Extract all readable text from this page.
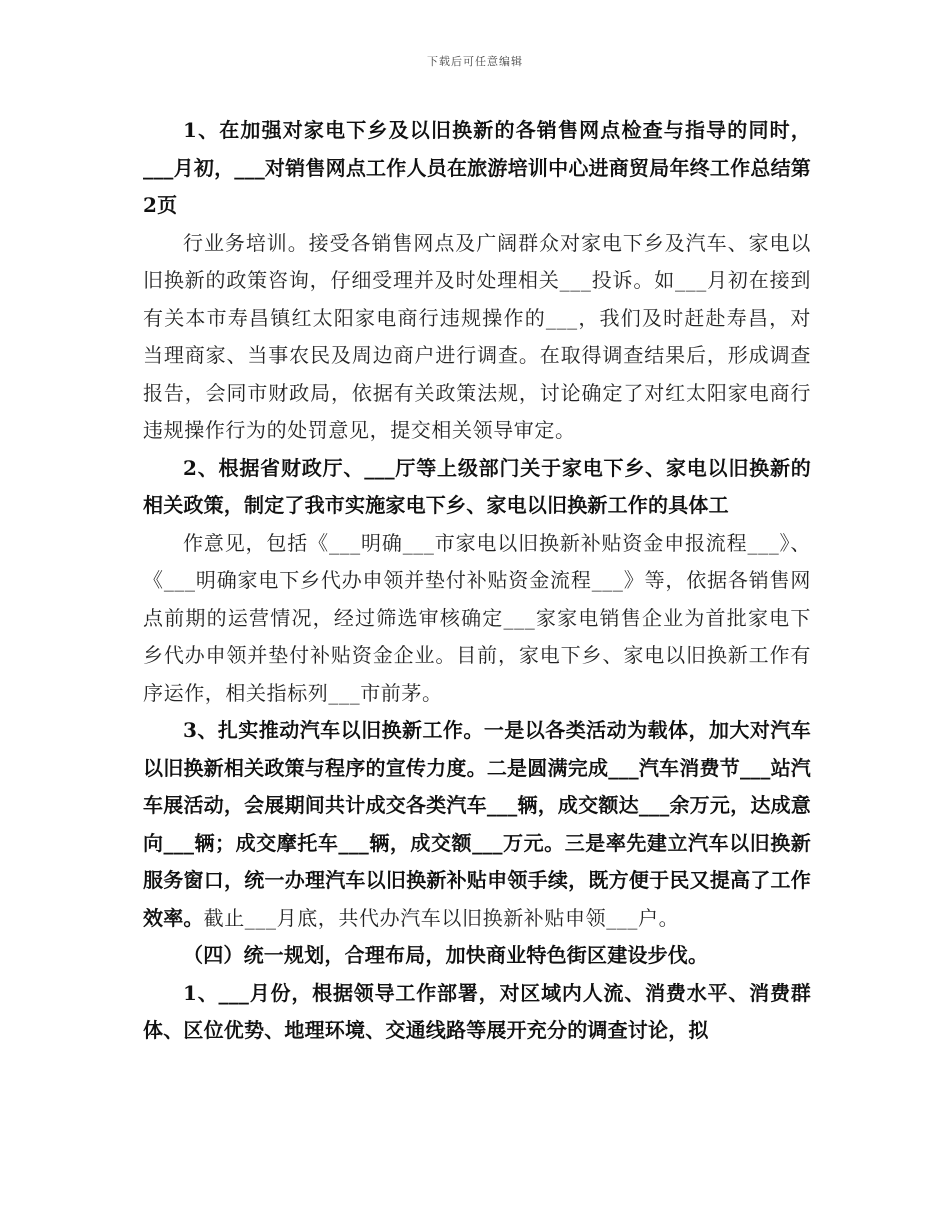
下载后可任意编辑

1、在加强对家电下乡及以旧换新的各销售网点检查与指导的同时，___月初，___对销售网点工作人员在旅游培训中心进商贸局年终工作总结第2页

行业务培训。接受各销售网点及广阔群众对家电下乡及汽车、家电以旧换新的政策咨询，仔细受理并及时处理相关___投诉。如___月初在接到有关本市寿昌镇红太阳家电商行违规操作的___，我们及时赶赴寿昌，对当理商家、当事农民及周边商户进行调查。在取得调查结果后，形成调查报告，会同市财政局，依据有关政策法规，讨论确定了对红太阳家电商行违规操作行为的处罚意见，提交相关领导审定。

2、根据省财政厅、___厅等上级部门关于家电下乡、家电以旧换新的相关政策，制定了我市实施家电下乡、家电以旧换新工作的具体工

作意见，包括《___明确___市家电以旧换新补贴资金申报流程___》、《___明确家电下乡代办申领并垫付补贴资金流程___》等，依据各销售网点前期的运营情况，经过筛选审核确定___家家电销售企业为首批家电下乡代办申领并垫付补贴资金企业。目前，家电下乡、家电以旧换新工作有序运作，相关指标列___市前茅。

3、扎实推动汽车以旧换新工作。一是以各类活动为载体，加大对汽车以旧换新相关政策与程序的宣传力度。二是圆满完成___汽车消费节___站汽车展活动，会展期间共计成交各类汽车___辆，成交额达___余万元，达成意向___辆；成交摩托车___辆，成交额___万元。三是率先建立汽车以旧换新服务窗口，统一办理汽车以旧换新补贴申领手续，既方便于民又提高了工作效率。截止___月底，共代办汽车以旧换新补贴申领___户。

（四）统一规划，合理布局，加快商业特色街区建设步伐。

1、___月份，根据领导工作部署，对区域内人流、消费水平、消费群体、区位优势、地理环境、交通线路等展开充分的调查讨论，拟
